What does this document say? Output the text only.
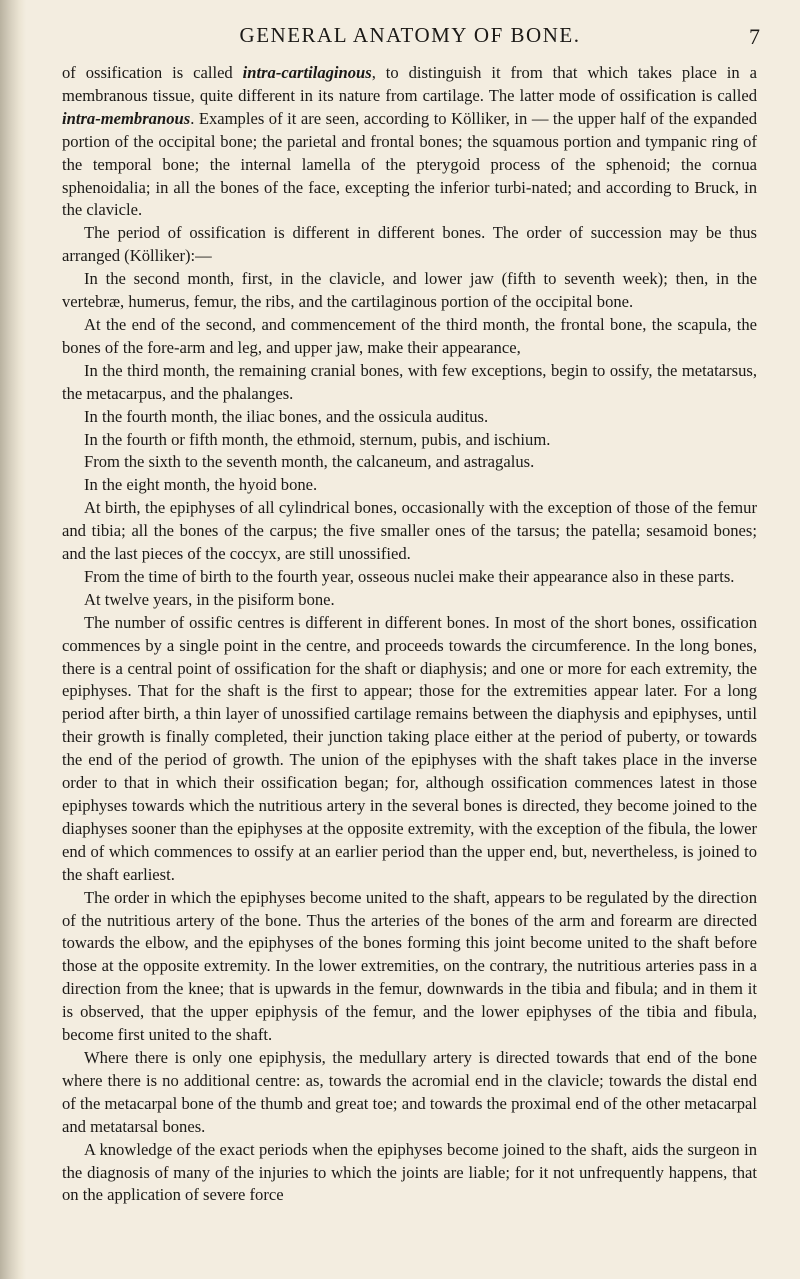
GENERAL ANATOMY OF BONE.	7

of ossification is called intra-cartilaginous, to distinguish it from that which takes place in a membranous tissue, quite different in its nature from cartilage. The latter mode of ossification is called intra-membranous. Examples of it are seen, according to Kölliker, in — the upper half of the expanded portion of the occipital bone; the parietal and frontal bones; the squamous portion and tympanic ring of the temporal bone; the internal lamella of the pterygoid process of the sphenoid; the cornua sphenoidalia; in all the bones of the face, excepting the inferior turbi-nated; and according to Bruck, in the clavicle.

The period of ossification is different in different bones. The order of succession may be thus arranged (Kölliker):—

In the second month, first, in the clavicle, and lower jaw (fifth to seventh week); then, in the vertebræ, humerus, femur, the ribs, and the cartilaginous portion of the occipital bone.

At the end of the second, and commencement of the third month, the frontal bone, the scapula, the bones of the fore-arm and leg, and upper jaw, make their appearance,

In the third month, the remaining cranial bones, with few exceptions, begin to ossify, the metatarsus, the metacarpus, and the phalanges.

In the fourth month, the iliac bones, and the ossicula auditus.

In the fourth or fifth month, the ethmoid, sternum, pubis, and ischium.

From the sixth to the seventh month, the calcaneum, and astragalus.

In the eight month, the hyoid bone.

At birth, the epiphyses of all cylindrical bones, occasionally with the exception of those of the femur and tibia; all the bones of the carpus; the five smaller ones of the tarsus; the patella; sesamoid bones; and the last pieces of the coccyx, are still unossified.

From the time of birth to the fourth year, osseous nuclei make their appearance also in these parts.

At twelve years, in the pisiform bone.

The number of ossific centres is different in different bones. In most of the short bones, ossification commences by a single point in the centre, and proceeds towards the circumference. In the long bones, there is a central point of ossification for the shaft or diaphysis; and one or more for each extremity, the epiphyses. That for the shaft is the first to appear; those for the extremities appear later. For a long period after birth, a thin layer of unossified cartilage remains between the diaphysis and epiphyses, until their growth is finally completed, their junction taking place either at the period of puberty, or towards the end of the period of growth. The union of the epiphyses with the shaft takes place in the inverse order to that in which their ossification began; for, although ossification commences latest in those epiphyses towards which the nutritious artery in the several bones is directed, they become joined to the diaphyses sooner than the epiphyses at the opposite extremity, with the exception of the fibula, the lower end of which commences to ossify at an earlier period than the upper end, but, nevertheless, is joined to the shaft earliest.

The order in which the epiphyses become united to the shaft, appears to be regulated by the direction of the nutritious artery of the bone. Thus the arteries of the bones of the arm and forearm are directed towards the elbow, and the epiphyses of the bones forming this joint become united to the shaft before those at the opposite extremity. In the lower extremities, on the contrary, the nutritious arteries pass in a direction from the knee; that is upwards in the femur, downwards in the tibia and fibula; and in them it is observed, that the upper epiphysis of the femur, and the lower epiphyses of the tibia and fibula, become first united to the shaft.

Where there is only one epiphysis, the medullary artery is directed towards that end of the bone where there is no additional centre: as, towards the acromial end in the clavicle; towards the distal end of the metacarpal bone of the thumb and great toe; and towards the proximal end of the other metacarpal and metatarsal bones.

A knowledge of the exact periods when the epiphyses become joined to the shaft, aids the surgeon in the diagnosis of many of the injuries to which the joints are liable; for it not unfrequently happens, that on the application of severe force
